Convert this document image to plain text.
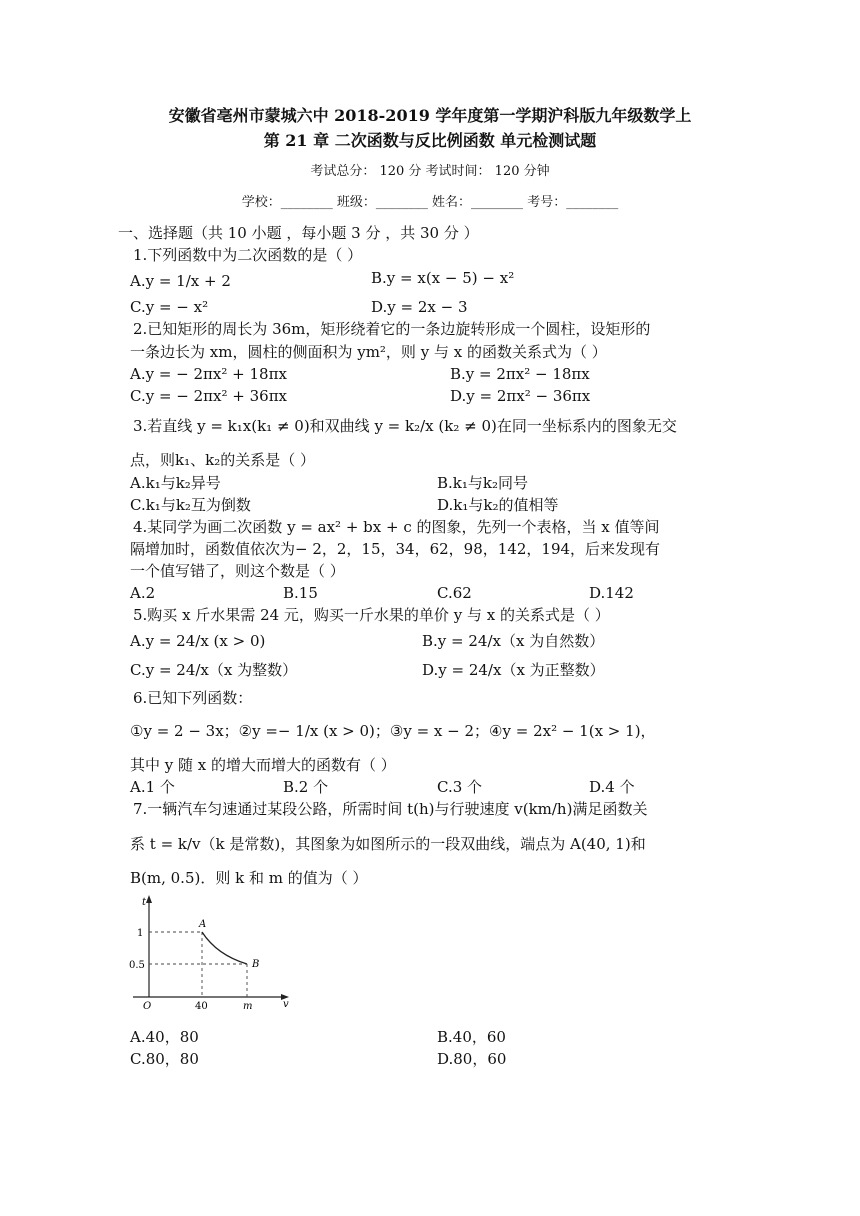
安徽省亳州市蒙城六中 2018-2019 学年度第一学期沪科版九年级数学上
第 21 章 二次函数与反比例函数 单元检测试题
考试总分： 120 分 考试时间： 120 分钟
学校：________ 班级：________ 姓名：________ 考号：________
一、选择题（共 10 小题 ，每小题 3 分 ，共 30 分 ）
1.下列函数中为二次函数的是（ ）
A.y = 1/x + 2	B.y = x(x − 5) − x²
C.y = − x²	D.y = 2x − 3
2.已知矩形的周长为 36m，矩形绕着它的一条边旋转形成一个圆柱，设矩形的
一条边长为 xm，圆柱的侧面积为 ym²，则 y 与 x 的函数关系式为（ ）
A.y = − 2πx² + 18πx	B.y = 2πx² − 18πx
C.y = − 2πx² + 36πx	D.y = 2πx² − 36πx
3.若直线 y = k₁x(k₁ ≠ 0)和双曲线 y = k₂/x (k₂ ≠ 0)在同一坐标系内的图象无交
点，则k₁、k₂的关系是（ ）
A.k₁与k₂异号	B.k₁与k₂同号
C.k₁与k₂互为倒数	D.k₁与k₂的值相等
4.某同学为画二次函数 y = ax² + bx + c 的图象，先列一个表格，当 x 值等间
隔增加时，函数值依次为− 2，2，15，34，62，98，142，194，后来发现有
一个值写错了，则这个数是（ ）
A.2	B.15	C.62	D.142
5.购买 x 斤水果需 24 元，购买一斤水果的单价 y 与 x 的关系式是（ ）
A.y = 24/x (x > 0)	B.y = 24/x（x 为自然数）
C.y = 24/x（x 为整数）	D.y = 24/x（x 为正整数）
6.已知下列函数：
①y = 2 − 3x；②y =− 1/x (x > 0)；③y = x − 2；④y = 2x² − 1(x > 1)，
其中 y 随 x 的增大而增大的函数有（ ）
A.1 个	B.2 个	C.3 个	D.4 个
7.一辆汽车匀速通过某段公路，所需时间 t(h)与行驶速度 v(km/h)满足函数关
系 t = k/v（k 是常数)，其图象为如图所示的一段双曲线，端点为 A(40, 1)和
B(m, 0.5)．则 k 和 m 的值为（ ）
t
v
O
A
B
1
0.5
40	m
A.40，80	B.40，60
C.80，80	D.80，60
